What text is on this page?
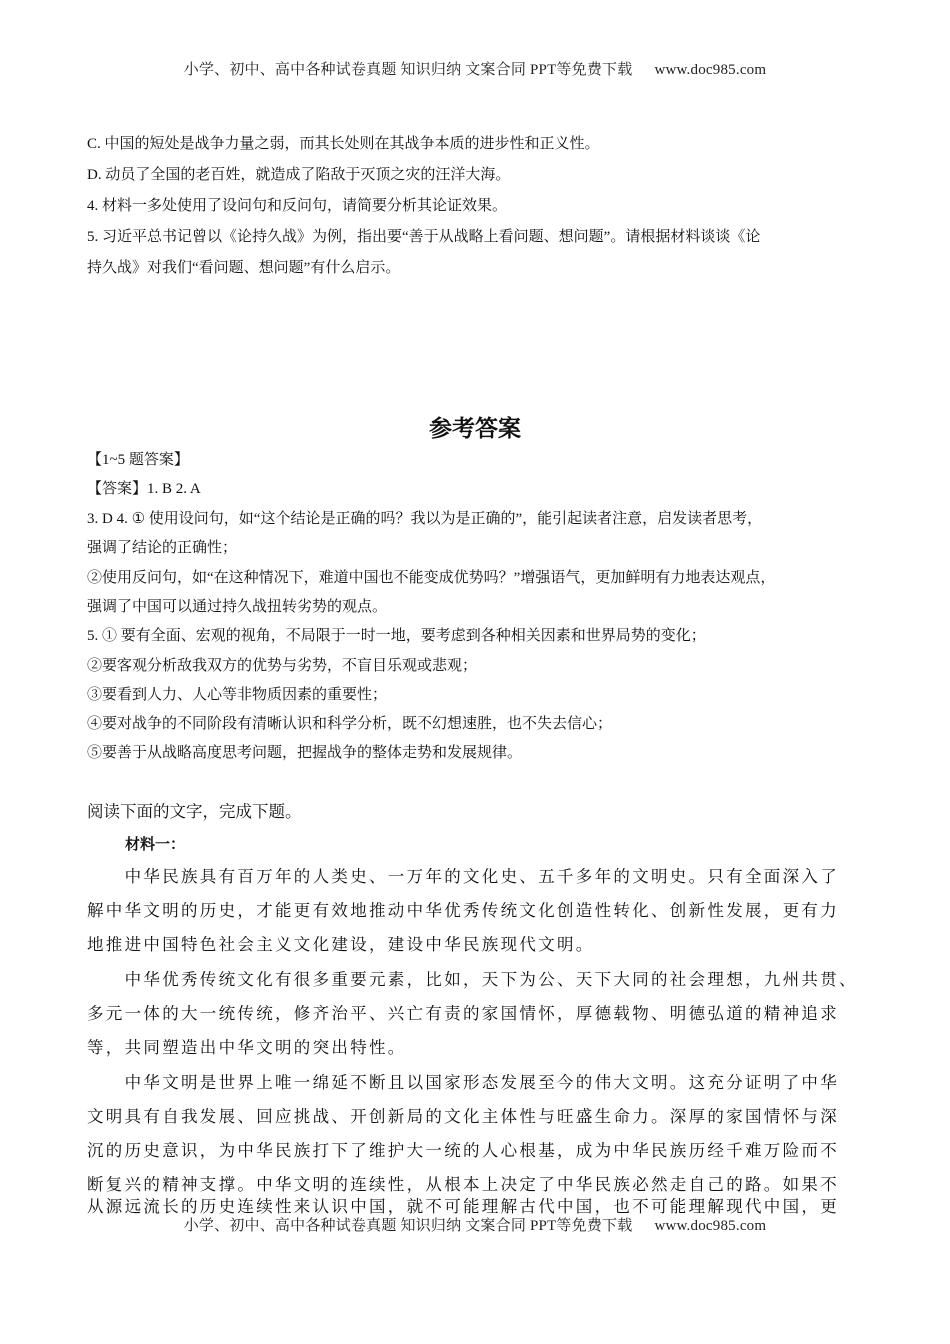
小学、初中、高中各种试卷真题 知识归纳 文案合同 PPT等免费下载 www.doc985.com
C. 中国的短处是战争力量之弱，而其长处则在其战争本质的进步性和正义性。
D. 动员了全国的老百姓，就造成了陷敌于灭顶之灾的汪洋大海。
4. 材料一多处使用了设问句和反问句，请简要分析其论证效果。
5. 习近平总书记曾以《论持久战》为例，指出要“善于从战略上看问题、想问题”。请根据材料谈谈《论
持久战》对我们“看问题、想问题”有什么启示。
参考答案
【1~5 题答案】
【答案】1. B 2. A
3. D 4. ① 使用设问句，如“这个结论是正确的吗？我以为是正确的”，能引起读者注意，启发读者思考，
强调了结论的正确性；
②使用反问句，如“在这种情况下，难道中国也不能变成优势吗？”增强语气，更加鲜明有力地表达观点，
强调了中国可以通过持久战扭转劣势的观点。
5. ① 要有全面、宏观的视角，不局限于一时一地，要考虑到各种相关因素和世界局势的变化；
②要客观分析敌我双方的优势与劣势，不盲目乐观或悲观；
③要看到人力、人心等非物质因素的重要性；
④要对战争的不同阶段有清晰认识和科学分析，既不幻想速胜，也不失去信心；
⑤要善于从战略高度思考问题，把握战争的整体走势和发展规律。
阅读下面的文字，完成下题。
材料一：
　　中华民族具有百万年的人类史、一万年的文化史、五千多年的文明史。只有全面深入了
解中华文明的历史，才能更有效地推动中华优秀传统文化创造性转化、创新性发展，更有力
地推进中国特色社会主义文化建设，建设中华民族现代文明。
　　中华优秀传统文化有很多重要元素，比如，天下为公、天下大同的社会理想，九州共贯、
多元一体的大一统传统，修齐治平、兴亡有责的家国情怀，厚德载物、明德弘道的精神追求
等，共同塑造出中华文明的突出特性。
　　中华文明是世界上唯一绵延不断且以国家形态发展至今的伟大文明。这充分证明了中华
文明具有自我发展、回应挑战、开创新局的文化主体性与旺盛生命力。深厚的家国情怀与深
沉的历史意识，为中华民族打下了维护大一统的人心根基，成为中华民族历经千难万险而不
断复兴的精神支撑。中华文明的连续性，从根本上决定了中华民族必然走自己的路。如果不
从源远流长的历史连续性来认识中国，就不可能理解古代中国，也不可能理解现代中国，更
小学、初中、高中各种试卷真题 知识归纳 文案合同 PPT等免费下载 www.doc985.com
